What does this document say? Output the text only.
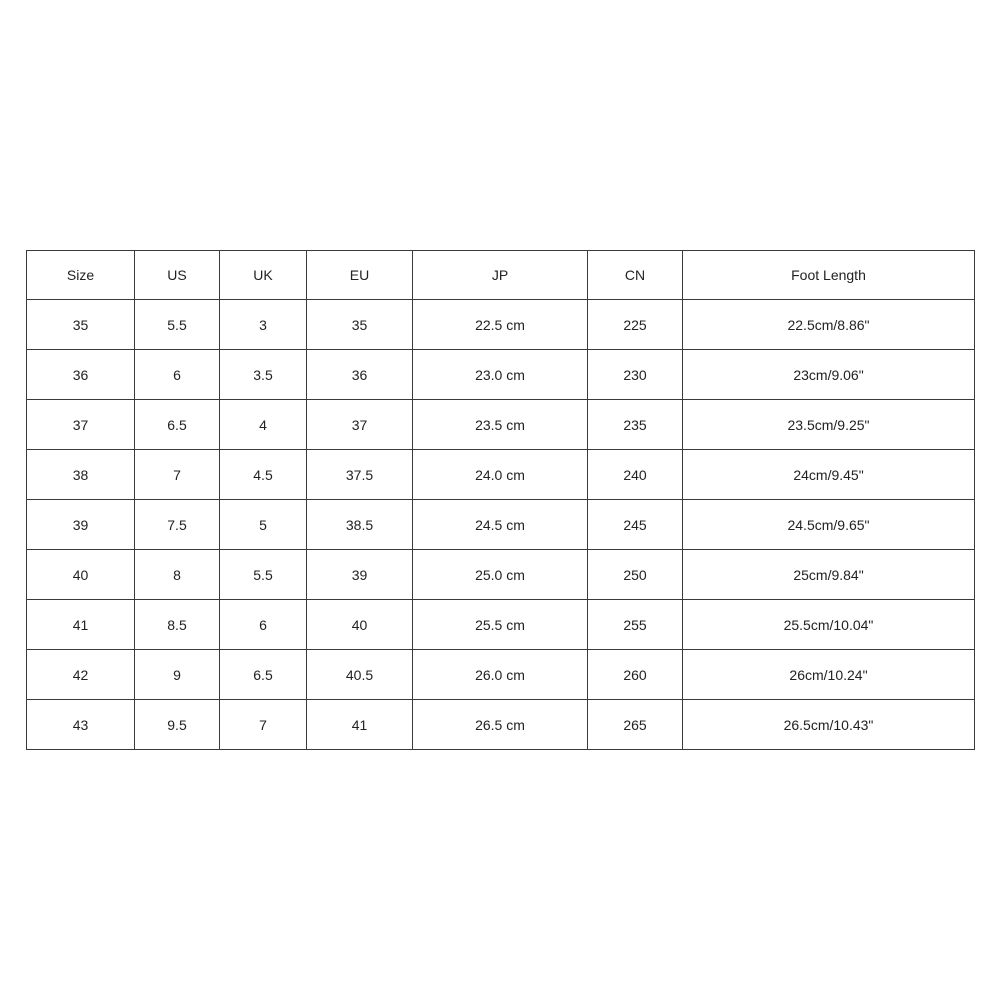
Size	US	UK	EU	JP	CN	Foot Length
35	5.5	3	35	22.5 cm	225	22.5cm/8.86"
36	6	3.5	36	23.0 cm	230	23cm/9.06"
37	6.5	4	37	23.5 cm	235	23.5cm/9.25"
38	7	4.5	37.5	24.0 cm	240	24cm/9.45"
39	7.5	5	38.5	24.5 cm	245	24.5cm/9.65"
40	8	5.5	39	25.0 cm	250	25cm/9.84"
41	8.5	6	40	25.5 cm	255	25.5cm/10.04"
42	9	6.5	40.5	26.0 cm	260	26cm/10.24"
43	9.5	7	41	26.5 cm	265	26.5cm/10.43"
